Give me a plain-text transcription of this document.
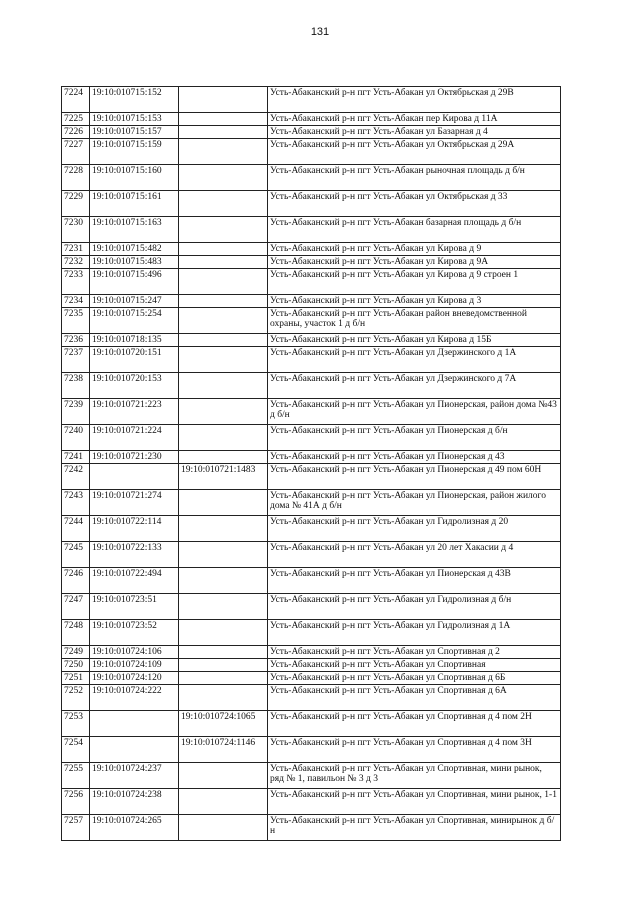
131
7224	19:10:010715:152		Усть-Абаканский р-н пгт Усть-Абакан ул Октябрьская д 29В
7225	19:10:010715:153		Усть-Абаканский р-н пгт Усть-Абакан пер Кирова д 11А
7226	19:10:010715:157		Усть-Абаканский р-н пгт Усть-Абакан ул Базарная д 4
7227	19:10:010715:159		Усть-Абаканский р-н пгт Усть-Абакан ул Октябрьская д 29А
7228	19:10:010715:160		Усть-Абаканский р-н пгт Усть-Абакан рыночная площадь д б/н
7229	19:10:010715:161		Усть-Абаканский р-н пгт Усть-Абакан ул Октябрьская д 33
7230	19:10:010715:163		Усть-Абаканский р-н пгт Усть-Абакан базарная площадь д б/н
7231	19:10:010715:482		Усть-Абаканский р-н пгт Усть-Абакан ул Кирова д 9
7232	19:10:010715:483		Усть-Абаканский р-н пгт Усть-Абакан ул Кирова д 9А
7233	19:10:010715:496		Усть-Абаканский р-н пгт Усть-Абакан ул Кирова д 9 строен 1
7234	19:10:010715:247		Усть-Абаканский р-н пгт Усть-Абакан ул Кирова д 3
7235	19:10:010715:254		Усть-Абаканский р-н пгт Усть-Абакан район вневедомственной охраны, участок 1 д б/н
7236	19:10:010718:135		Усть-Абаканский р-н пгт Усть-Абакан ул Кирова д 15Б
7237	19:10:010720:151		Усть-Абаканский р-н пгт Усть-Абакан ул Дзержинского д 1А
7238	19:10:010720:153		Усть-Абаканский р-н пгт Усть-Абакан ул Дзержинского д 7А
7239	19:10:010721:223		Усть-Абаканский р-н пгт Усть-Абакан ул Пионерская, район дома №43 д б/н
7240	19:10:010721:224		Усть-Абаканский р-н пгт Усть-Абакан ул Пионерская д б/н
7241	19:10:010721:230		Усть-Абаканский р-н пгт Усть-Абакан ул Пионерская д 43
7242		19:10:010721:1483	Усть-Абаканский р-н пгт Усть-Абакан ул Пионерская д 49 пом 60Н
7243	19:10:010721:274		Усть-Абаканский р-н пгт Усть-Абакан ул Пионерская, район жилого дома № 41А д б/н
7244	19:10:010722:114		Усть-Абаканский р-н пгт Усть-Абакан ул Гидролизная д 20
7245	19:10:010722:133		Усть-Абаканский р-н пгт Усть-Абакан ул 20 лет Хакасии д 4
7246	19:10:010722:494		Усть-Абаканский р-н пгт Усть-Абакан ул Пионерская д 43В
7247	19:10:010723:51		Усть-Абаканский р-н пгт Усть-Абакан ул Гидролизная д б/н
7248	19:10:010723:52		Усть-Абаканский р-н пгт Усть-Абакан ул Гидролизная д 1А
7249	19:10:010724:106		Усть-Абаканский р-н пгт Усть-Абакан ул Спортивная д 2
7250	19:10:010724:109		Усть-Абаканский р-н пгт Усть-Абакан ул Спортивная
7251	19:10:010724:120		Усть-Абаканский р-н пгт Усть-Абакан ул Спортивная д 6Б
7252	19:10:010724:222		Усть-Абаканский р-н пгт Усть-Абакан ул Спортивная д 6А
7253		19:10:010724:1065	Усть-Абаканский р-н пгт Усть-Абакан ул Спортивная д 4 пом 2Н
7254		19:10:010724:1146	Усть-Абаканский р-н пгт Усть-Абакан ул Спортивная д 4 пом 3Н
7255	19:10:010724:237		Усть-Абаканский р-н пгт Усть-Абакан ул Спортивная, мини рынок, ряд № 1, павильон № 3 д 3
7256	19:10:010724:238		Усть-Абаканский р-н пгт Усть-Абакан ул Спортивная, мини рынок, 1-1
7257	19:10:010724:265		Усть-Абаканский р-н пгт Усть-Абакан ул Спортивная, минирынок д б/н
